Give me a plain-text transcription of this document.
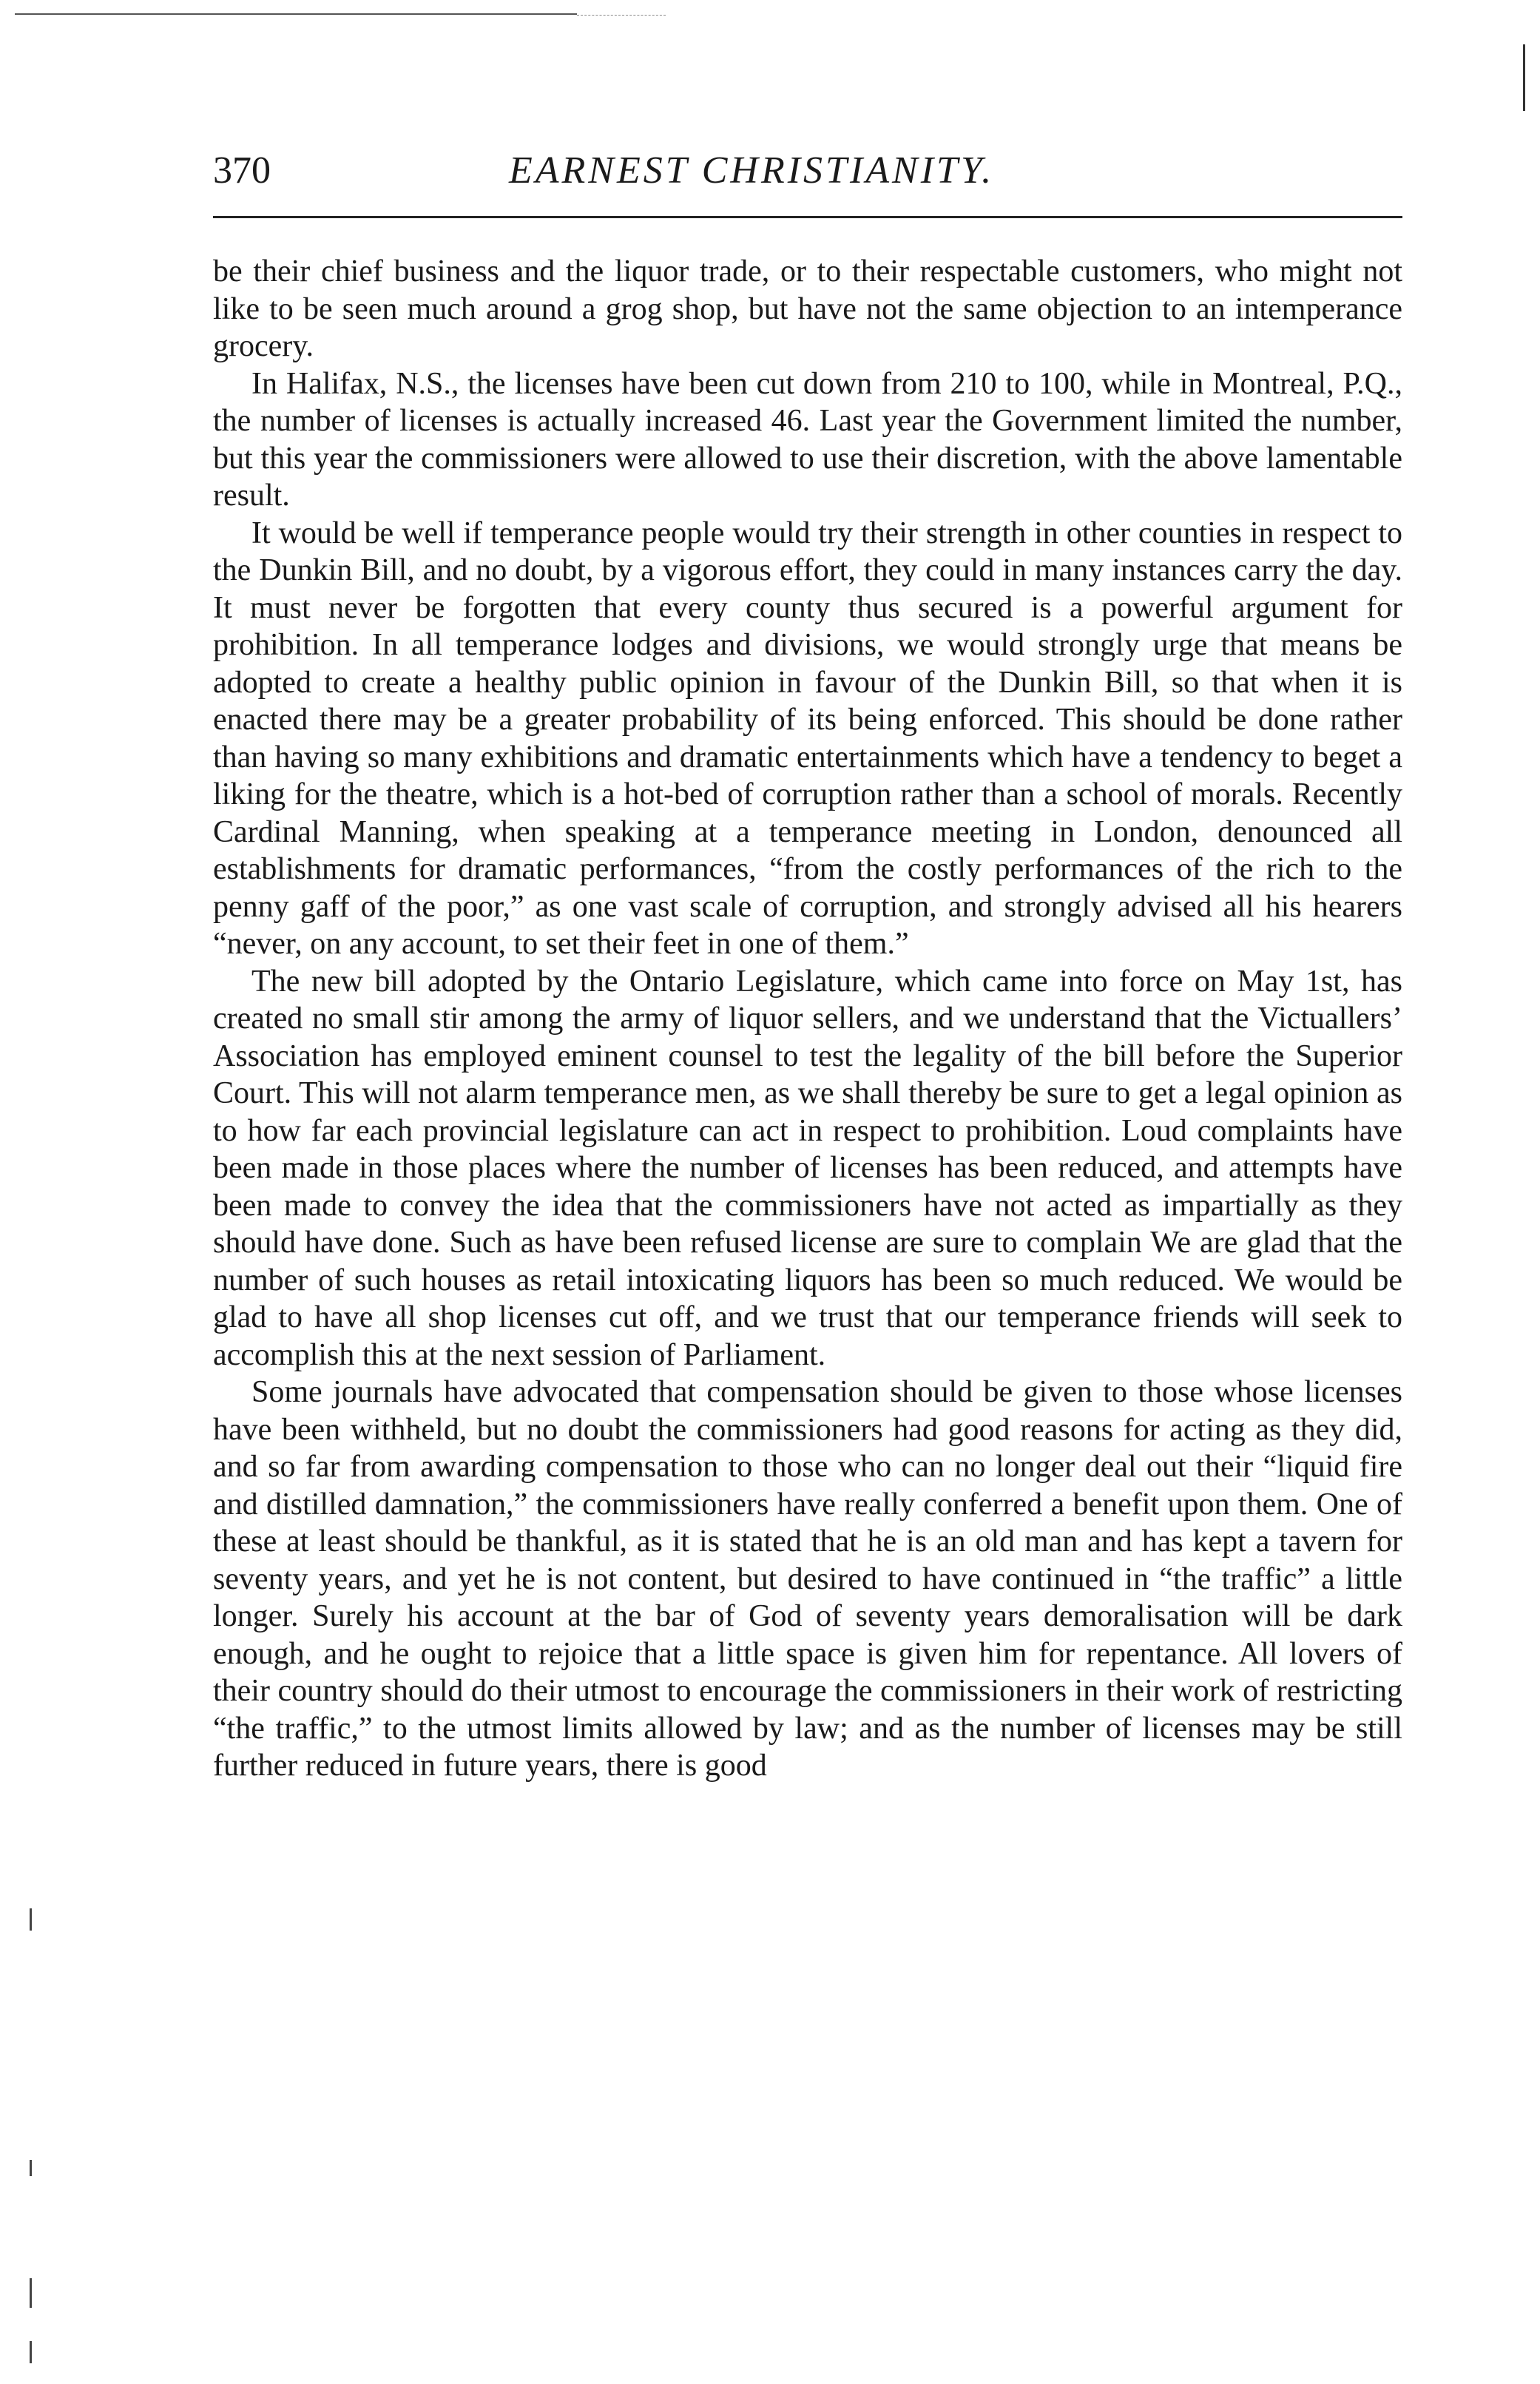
370	EARNEST CHRISTIANITY.

be their chief business and the liquor trade, or to their respectable customers, who might not like to be seen much around a grog shop, but have not the same objection to an intemperance grocery.

In Halifax, N.S., the licenses have been cut down from 210 to 100, while in Montreal, P.Q., the number of licenses is actually increased 46. Last year the Government limited the number, but this year the commissioners were allowed to use their discretion, with the above lamentable result.

It would be well if temperance people would try their strength in other counties in respect to the Dunkin Bill, and no doubt, by a vigorous effort, they could in many instances carry the day. It must never be forgotten that every county thus secured is a powerful argument for prohibition. In all temperance lodges and divisions, we would strongly urge that means be adopted to create a healthy public opinion in favour of the Dunkin Bill, so that when it is enacted there may be a greater probability of its being enforced. This should be done rather than having so many exhibitions and dramatic entertainments which have a tendency to beget a liking for the theatre, which is a hot-bed of corruption rather than a school of morals. Recently Cardinal Manning, when speaking at a temperance meeting in London, denounced all establishments for dramatic performances, “from the costly performances of the rich to the penny gaff of the poor,” as one vast scale of corruption, and strongly advised all his hearers “never, on any account, to set their feet in one of them.”

The new bill adopted by the Ontario Legislature, which came into force on May 1st, has created no small stir among the army of liquor sellers, and we understand that the Victuallers’ Association has employed eminent counsel to test the legality of the bill before the Superior Court. This will not alarm temperance men, as we shall thereby be sure to get a legal opinion as to how far each provincial legislature can act in respect to prohibition. Loud complaints have been made in those places where the number of licenses has been reduced, and attempts have been made to convey the idea that the commissioners have not acted as impartially as they should have done. Such as have been refused license are sure to complain We are glad that the number of such houses as retail intoxicating liquors has been so much reduced. We would be glad to have all shop licenses cut off, and we trust that our temperance friends will seek to accomplish this at the next session of Parliament.

Some journals have advocated that compensation should be given to those whose licenses have been withheld, but no doubt the commissioners had good reasons for acting as they did, and so far from awarding compensation to those who can no longer deal out their “liquid fire and distilled damnation,” the commissioners have really conferred a benefit upon them. One of these at least should be thankful, as it is stated that he is an old man and has kept a tavern for seventy years, and yet he is not content, but desired to have continued in “the traffic” a little longer. Surely his account at the bar of God of seventy years demoralisation will be dark enough, and he ought to rejoice that a little space is given him for repentance. All lovers of their country should do their utmost to encourage the commissioners in their work of restricting “the traffic,” to the utmost limits allowed by law; and as the number of licenses may be still further reduced in future years, there is good
